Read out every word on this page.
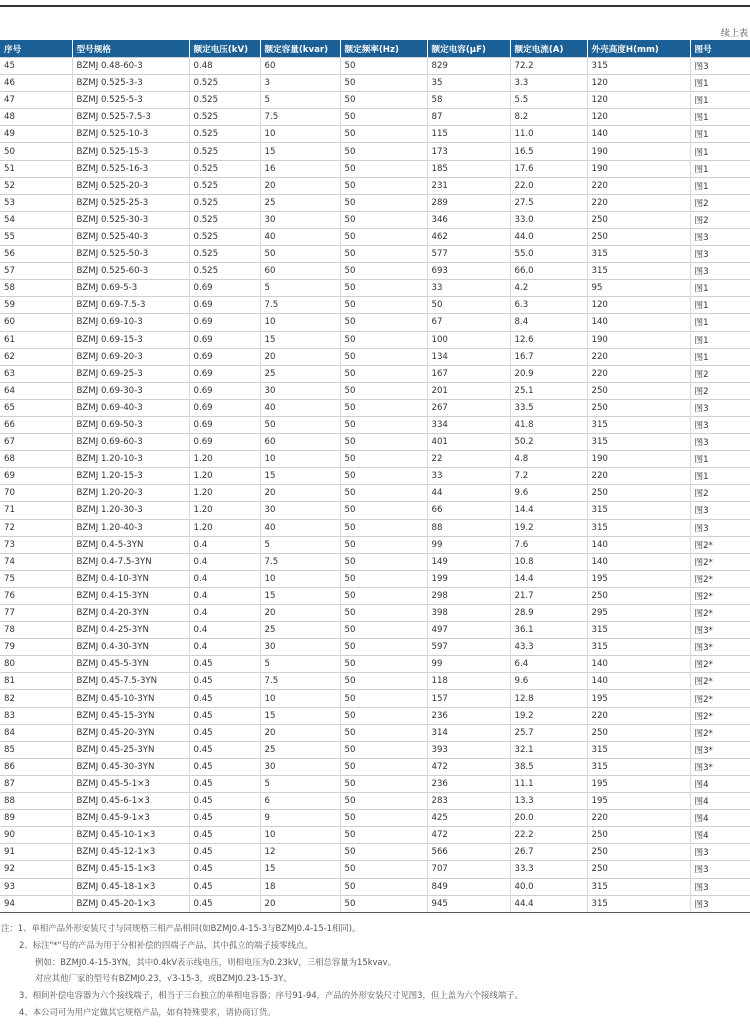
续上表
序号	型号规格	额定电压(kV)	额定容量(kvar)	额定频率(Hz)	额定电容(μF)	额定电流(A)	外壳高度H(mm)	图号
45	BZMJ 0.48-60-3	0.48	60	50	829	72.2	315	图3
46	BZMJ 0.525-3-3	0.525	3	50	35	3.3	120	图1
47	BZMJ 0.525-5-3	0.525	5	50	58	5.5	120	图1
48	BZMJ 0.525-7.5-3	0.525	7.5	50	87	8.2	120	图1
49	BZMJ 0.525-10-3	0.525	10	50	115	11.0	140	图1
50	BZMJ 0.525-15-3	0.525	15	50	173	16.5	190	图1
51	BZMJ 0.525-16-3	0.525	16	50	185	17.6	190	图1
52	BZMJ 0.525-20-3	0.525	20	50	231	22.0	220	图1
53	BZMJ 0.525-25-3	0.525	25	50	289	27.5	220	图2
54	BZMJ 0.525-30-3	0.525	30	50	346	33.0	250	图2
55	BZMJ 0.525-40-3	0.525	40	50	462	44.0	250	图3
56	BZMJ 0.525-50-3	0.525	50	50	577	55.0	315	图3
57	BZMJ 0.525-60-3	0.525	60	50	693	66.0	315	图3
58	BZMJ 0.69-5-3	0.69	5	50	33	4.2	95	图1
59	BZMJ 0.69-7.5-3	0.69	7.5	50	50	6.3	120	图1
60	BZMJ 0.69-10-3	0.69	10	50	67	8.4	140	图1
61	BZMJ 0.69-15-3	0.69	15	50	100	12.6	190	图1
62	BZMJ 0.69-20-3	0.69	20	50	134	16.7	220	图1
63	BZMJ 0.69-25-3	0.69	25	50	167	20.9	220	图2
64	BZMJ 0.69-30-3	0.69	30	50	201	25.1	250	图2
65	BZMJ 0.69-40-3	0.69	40	50	267	33.5	250	图3
66	BZMJ 0.69-50-3	0.69	50	50	334	41.8	315	图3
67	BZMJ 0.69-60-3	0.69	60	50	401	50.2	315	图3
68	BZMJ 1.20-10-3	1.20	10	50	22	4.8	190	图1
69	BZMJ 1.20-15-3	1.20	15	50	33	7.2	220	图1
70	BZMJ 1.20-20-3	1.20	20	50	44	9.6	250	图2
71	BZMJ 1.20-30-3	1.20	30	50	66	14.4	315	图3
72	BZMJ 1.20-40-3	1.20	40	50	88	19.2	315	图3
73	BZMJ 0.4-5-3YN	0.4	5	50	99	7.6	140	图2*
74	BZMJ 0.4-7.5-3YN	0.4	7.5	50	149	10.8	140	图2*
75	BZMJ 0.4-10-3YN	0.4	10	50	199	14.4	195	图2*
76	BZMJ 0.4-15-3YN	0.4	15	50	298	21.7	250	图2*
77	BZMJ 0.4-20-3YN	0.4	20	50	398	28.9	295	图2*
78	BZMJ 0.4-25-3YN	0.4	25	50	497	36.1	315	图3*
79	BZMJ 0.4-30-3YN	0.4	30	50	597	43.3	315	图3*
80	BZMJ 0.45-5-3YN	0.45	5	50	99	6.4	140	图2*
81	BZMJ 0.45-7.5-3YN	0.45	7.5	50	118	9.6	140	图2*
82	BZMJ 0.45-10-3YN	0.45	10	50	157	12.8	195	图2*
83	BZMJ 0.45-15-3YN	0.45	15	50	236	19.2	220	图2*
84	BZMJ 0.45-20-3YN	0.45	20	50	314	25.7	250	图2*
85	BZMJ 0.45-25-3YN	0.45	25	50	393	32.1	315	图3*
86	BZMJ 0.45-30-3YN	0.45	30	50	472	38.5	315	图3*
87	BZMJ 0.45-5-1×3	0.45	5	50	236	11.1	195	图4
88	BZMJ 0.45-6-1×3	0.45	6	50	283	13.3	195	图4
89	BZMJ 0.45-9-1×3	0.45	9	50	425	20.0	220	图4
90	BZMJ 0.45-10-1×3	0.45	10	50	472	22.2	250	图4
91	BZMJ 0.45-12-1×3	0.45	12	50	566	26.7	250	图3
92	BZMJ 0.45-15-1×3	0.45	15	50	707	33.3	250	图3
93	BZMJ 0.45-18-1×3	0.45	18	50	849	40.0	315	图3
94	BZMJ 0.45-20-1×3	0.45	20	50	945	44.4	315	图3
注：1、单相产品外形安装尺寸与同规格三相产品相同(如BZMJ0.4-15-3与BZMJ0.4-15-1相同)。
2、标注"*"号的产品为用于分相补偿的四端子产品，其中孤立的端子接零线点。
例如：BZMJ0.4-15-3YN，其中0.4kV表示线电压，则相电压为0.23kV，三相总容量为15kvav。
对应其他厂家的型号有BZMJ0.23，√3-15-3，或BZMJ0.23-15-3Y。
3、相间补偿电容器为六个接线端子，相当于三台独立的单相电容器；序号91-94，产品的外形安装尺寸见图3，但上盖为六个接线端子。
4、本公司可为用户定做其它规格产品，如有特殊要求，请协商订货。
